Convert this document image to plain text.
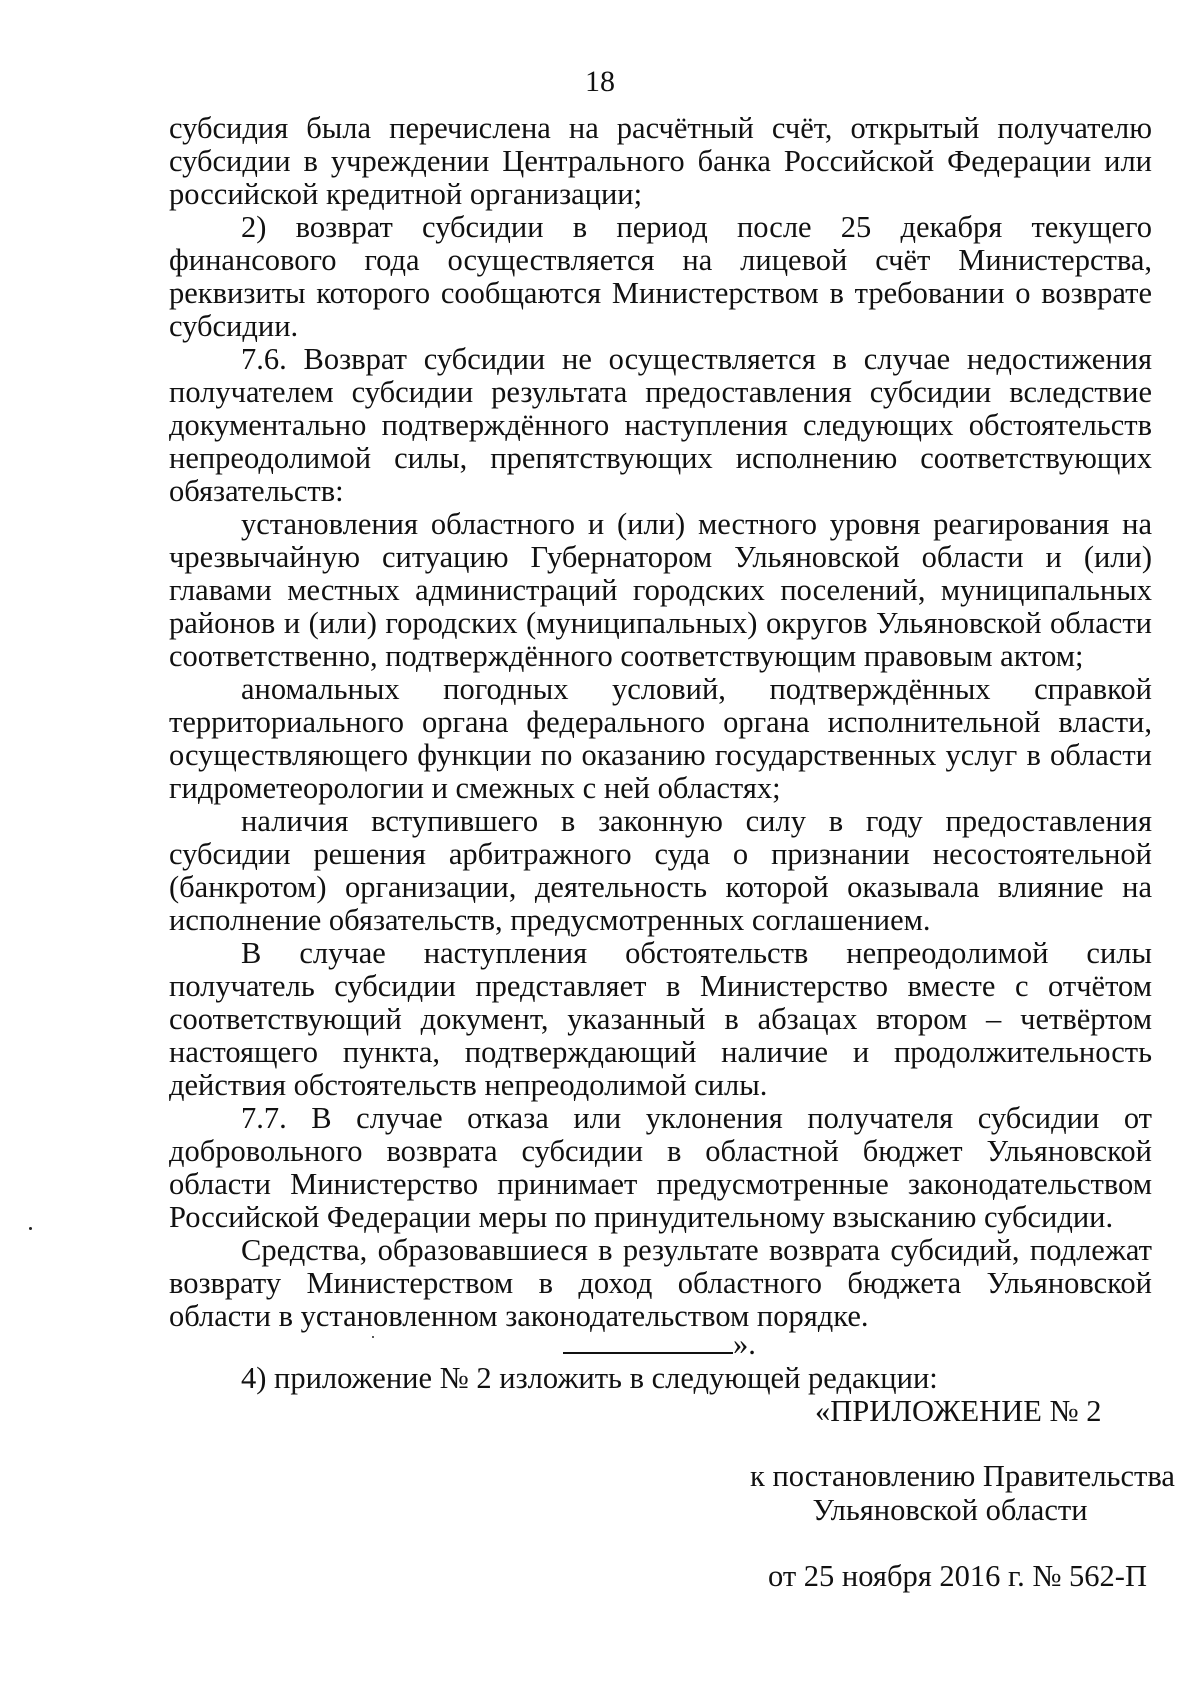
18

субсидия была перечислена на расчётный счёт, открытый получателю субсидии в учреждении Центрального банка Российской Федерации или российской кредитной организации;

2) возврат субсидии в период после 25 декабря текущего финансового года осуществляется на лицевой счёт Министерства, реквизиты которого сообщаются Министерством в требовании о возврате субсидии.

7.6. Возврат субсидии не осуществляется в случае недостижения получателем субсидии результата предоставления субсидии вследствие документально подтверждённого наступления следующих обстоятельств непреодолимой силы, препятствующих исполнению соответствующих обязательств:

установления областного и (или) местного уровня реагирования на чрезвычайную ситуацию Губернатором Ульяновской области и (или) главами местных администраций городских поселений, муниципальных районов и (или) городских (муниципальных) округов Ульяновской области соответственно, подтверждённого соответствующим правовым актом;

аномальных погодных условий, подтверждённых справкой территориального органа федерального органа исполнительной власти, осуществляющего функции по оказанию государственных услуг в области гидрометеорологии и смежных с ней областях;

наличия вступившего в законную силу в году предоставления субсидии решения арбитражного суда о признании несостоятельной (банкротом) организации, деятельность которой оказывала влияние на исполнение обязательств, предусмотренных соглашением.

В случае наступления обстоятельств непреодолимой силы получатель субсидии представляет в Министерство вместе с отчётом соответствующий документ, указанный в абзацах втором – четвёртом настоящего пункта, подтверждающий наличие и продолжительность действия обстоятельств непреодолимой силы.

7.7. В случае отказа или уклонения получателя субсидии от добровольного возврата субсидии в областной бюджет Ульяновской области Министерство принимает предусмотренные законодательством Российской Федерации меры по принудительному взысканию субсидии.

Средства, образовавшиеся в результате возврата субсидий, подлежат возврату Министерством в доход областного бюджета Ульяновской области в установленном законодательством порядке.

».
4) приложение № 2 изложить в следующей редакции:
«ПРИЛОЖЕНИЕ № 2
к постановлению Правительства
Ульяновской области
от 25 ноября 2016 г. № 562-П
